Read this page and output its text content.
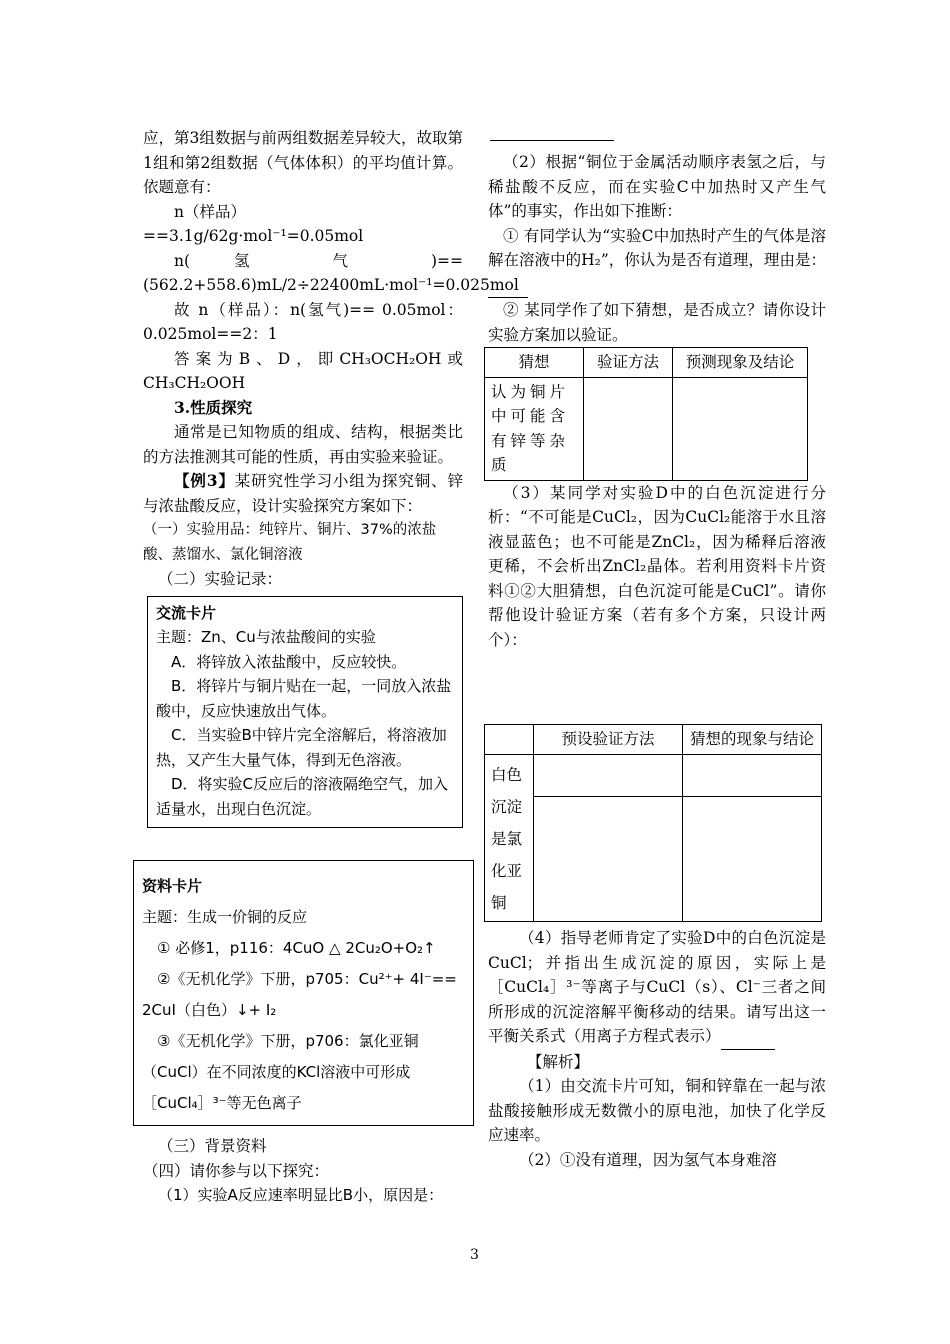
应，第3组数据与前两组数据差异较大，故取第1组和第2组数据（气体体积）的平均值计算。依题意有：

n（样品）==3.1g/62g·mol⁻¹=0.05mol

n( 氢 气 )==(562.2+558.6)mL/2÷22400mL·mol⁻¹=0.025mol

故 n（样品）：n(氢气)== 0.05mol：0.025mol==2：1

答案为B、D，即CH₃OCH₂OH或CH₃CH₂OOH

3.性质探究

通常是已知物质的组成、结构，根据类比的方法推测其可能的性质，再由实验来验证。

【例3】某研究性学习小组为探究铜、锌与浓盐酸反应，设计实验探究方案如下：

（一）实验用品：纯锌片、铜片、37%的浓盐酸、蒸馏水、氯化铜溶液

（二）实验记录：

交流卡片

主题：Zn、Cu与浓盐酸间的实验

A．将锌放入浓盐酸中，反应较快。

B．将锌片与铜片贴在一起，一同放入浓盐酸中，反应快速放出气体。

C．当实验B中锌片完全溶解后，将溶液加热，又产生大量气体，得到无色溶液。

D．将实验C反应后的溶液隔绝空气，加入适量水，出现白色沉淀。

资料卡片

主题：生成一价铜的反应

① 必修1，p116：4CuO △ 2Cu₂O+O₂↑

②《无机化学》下册，p705：Cu²⁺+ 4I⁻== 2CuI（白色）↓+ I₂

③《无机化学》下册，p706：氯化亚铜（CuCl）在不同浓度的KCl溶液中可形成［CuCl₄］³⁻等无色离子

（三）背景资料

（四）请你参与以下探究：

（1）实验A反应速率明显比B小，原因是：

（2）根据“铜位于金属活动顺序表氢之后，与稀盐酸不反应，而在实验C中加热时又产生气体”的事实，作出如下推断：

① 有同学认为“实验C中加热时产生的气体是溶解在溶液中的H₂”，你认为是否有道理，理由是：

② 某同学作了如下猜想，是否成立？请你设计实验方案加以验证。

猜想	验证方法	预测现象及结论
认为铜片中可能含有锌等杂质		

（3）某同学对实验D中的白色沉淀进行分析：“不可能是CuCl₂，因为CuCl₂能溶于水且溶液显蓝色；也不可能是ZnCl₂，因为稀释后溶液更稀，不会析出ZnCl₂晶体。若利用资料卡片资料①②大胆猜想，白色沉淀可能是CuCl”。请你帮他设计验证方案（若有多个方案，只设计两个）：

	预设验证方法	猜想的现象与结论
白色沉淀是氯化亚铜		

（4）指导老师肯定了实验D中的白色沉淀是CuCl；并指出生成沉淀的原因，实际上是［CuCl₄］³⁻等离子与CuCl（s）、Cl⁻三者之间所形成的沉淀溶解平衡移动的结果。请写出这一平衡关系式（用离子方程式表示）

【解析】

（1）由交流卡片可知，铜和锌靠在一起与浓盐酸接触形成无数微小的原电池，加快了化学反应速率。

（2）①没有道理，因为氢气本身难溶

3
